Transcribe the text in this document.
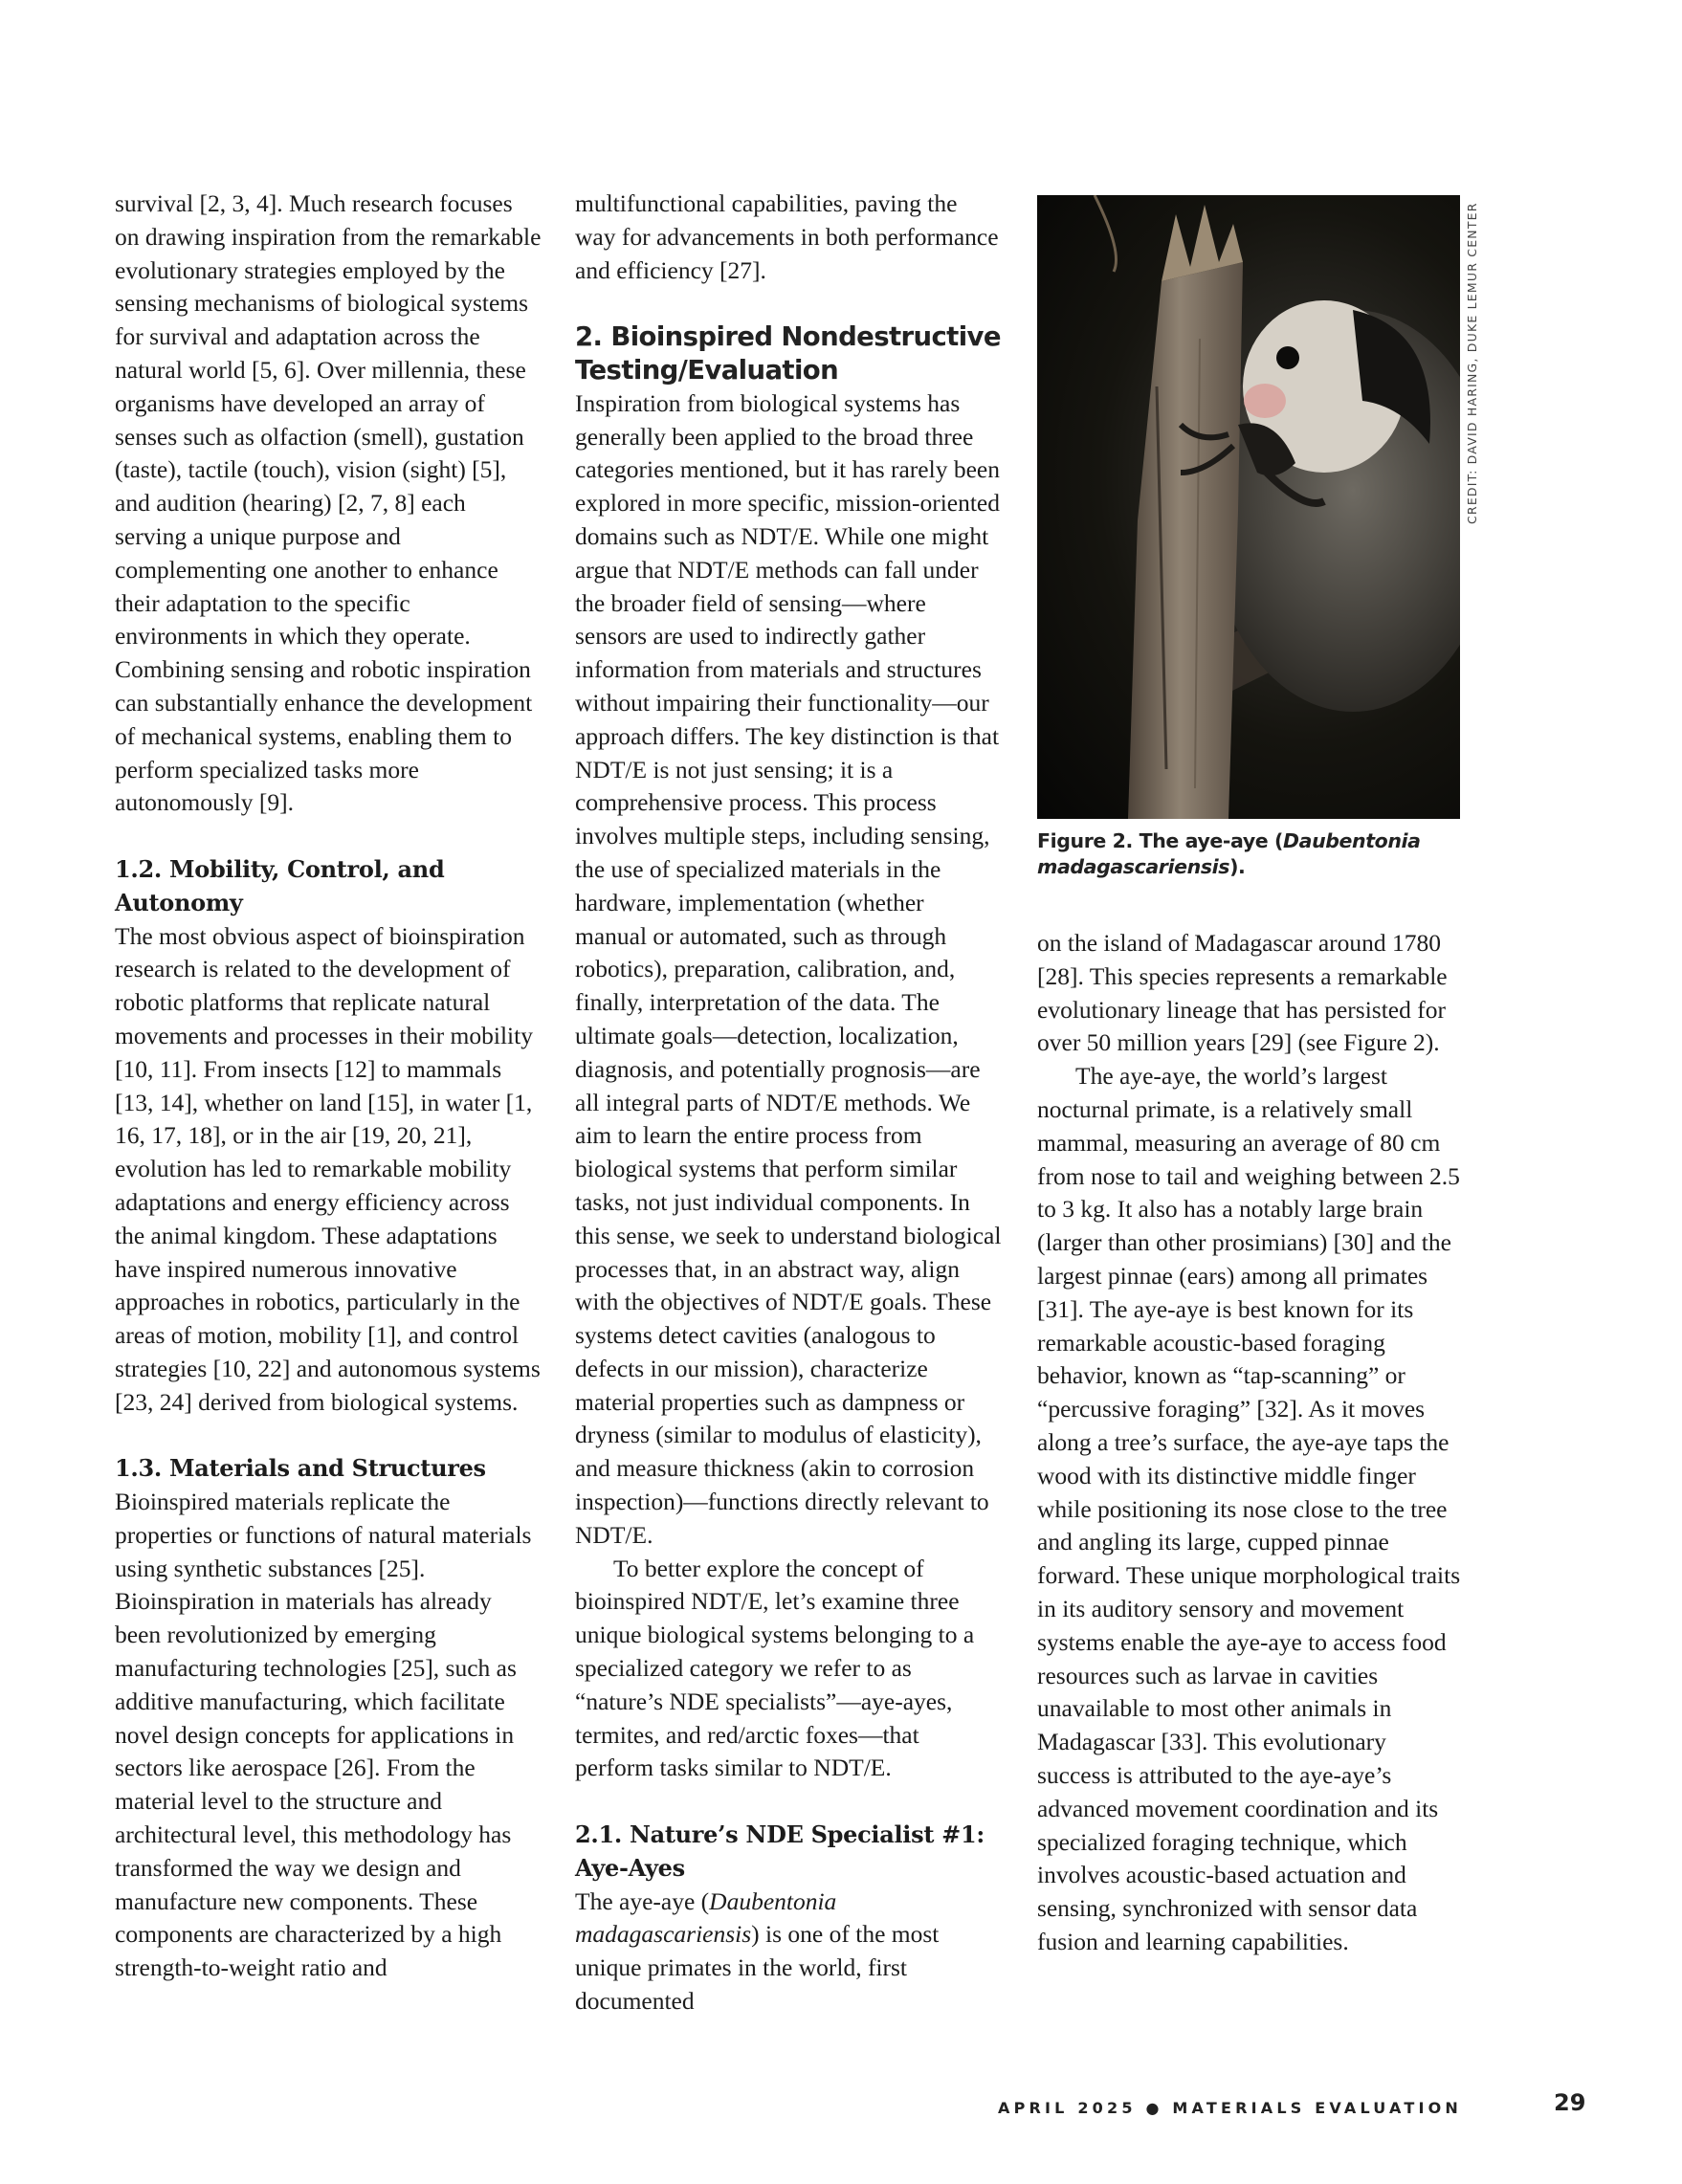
survival [2, 3, 4]. Much research focuses on drawing inspiration from the remarkable evolutionary strategies employed by the sensing mechanisms of biological systems for survival and adaptation across the natural world [5, 6]. Over millennia, these organisms have developed an array of senses such as olfaction (smell), gustation (taste), tactile (touch), vision (sight) [5], and audition (hearing) [2, 7, 8] each serving a unique purpose and complementing one another to enhance their adaptation to the specific environments in which they operate. Combining sensing and robotic inspiration can substantially enhance the development of mechanical systems, enabling them to perform specialized tasks more autonomously [9].

1.2. Mobility, Control, and Autonomy

The most obvious aspect of bioinspiration research is related to the development of robotic platforms that replicate natural movements and processes in their mobility [10, 11]. From insects [12] to mammals [13, 14], whether on land [15], in water [1, 16, 17, 18], or in the air [19, 20, 21], evolution has led to remarkable mobility adaptations and energy efficiency across the animal kingdom. These adaptations have inspired numerous innovative approaches in robotics, particularly in the areas of motion, mobility [1], and control strategies [10, 22] and autonomous systems [23, 24] derived from biological systems.

1.3. Materials and Structures

Bioinspired materials replicate the properties or functions of natural materials using synthetic substances [25]. Bioinspiration in materials has already been revolutionized by emerging manufacturing technologies [25], such as additive manufacturing, which facilitate novel design concepts for applications in sectors like aerospace [26]. From the material level to the structure and architectural level, this methodology has transformed the way we design and manufacture new components. These components are characterized by a high strength-to-weight ratio and

multifunctional capabilities, paving the way for advancements in both performance and efficiency [27].

2. Bioinspired Nondestructive Testing/Evaluation

Inspiration from biological systems has generally been applied to the broad three categories mentioned, but it has rarely been explored in more specific, mission-oriented domains such as NDT/E. While one might argue that NDT/E methods can fall under the broader field of sensing—where sensors are used to indirectly gather information from materials and structures without impairing their functionality—our approach differs. The key distinction is that NDT/E is not just sensing; it is a comprehensive process. This process involves multiple steps, including sensing, the use of specialized materials in the hardware, implementation (whether manual or automated, such as through robotics), preparation, calibration, and, finally, interpretation of the data. The ultimate goals—detection, localization, diagnosis, and potentially prognosis—are all integral parts of NDT/E methods. We aim to learn the entire process from biological systems that perform similar tasks, not just individual components. In this sense, we seek to understand biological processes that, in an abstract way, align with the objectives of NDT/E goals. These systems detect cavities (analogous to defects in our mission), characterize material properties such as dampness or dryness (similar to modulus of elasticity), and measure thickness (akin to corrosion inspection)—functions directly relevant to NDT/E.

To better explore the concept of bioinspired NDT/E, let’s examine three unique biological systems belonging to a specialized category we refer to as “nature’s NDE specialists”—aye-ayes, termites, and red/arctic foxes—that perform tasks similar to NDT/E.

2.1. Nature’s NDE Specialist #1: Aye-Ayes

The aye-aye (Daubentonia madagascariensis) is one of the most unique primates in the world, first documented

CREDIT: DAVID HARING, DUKE LEMUR CENTER
Figure 2. The aye-aye (Daubentonia madagascariensis).

on the island of Madagascar around 1780 [28]. This species represents a remarkable evolutionary lineage that has persisted for over 50 million years [29] (see Figure 2).

The aye-aye, the world’s largest nocturnal primate, is a relatively small mammal, measuring an average of 80 cm from nose to tail and weighing between 2.5 to 3 kg. It also has a notably large brain (larger than other prosimians) [30] and the largest pinnae (ears) among all primates [31]. The aye-aye is best known for its remarkable acoustic-based foraging behavior, known as “tap-scanning” or “percussive foraging” [32]. As it moves along a tree’s surface, the aye-aye taps the wood with its distinctive middle finger while positioning its nose close to the tree and angling its large, cupped pinnae forward. These unique morphological traits in its auditory sensory and movement systems enable the aye-aye to access food resources such as larvae in cavities unavailable to most other animals in Madagascar [33]. This evolutionary success is attributed to the aye-aye’s advanced movement coordination and its specialized foraging technique, which involves acoustic-based actuation and sensing, synchronized with sensor data fusion and learning capabilities.

APRIL 2025 ● MATERIALS EVALUATION	29
